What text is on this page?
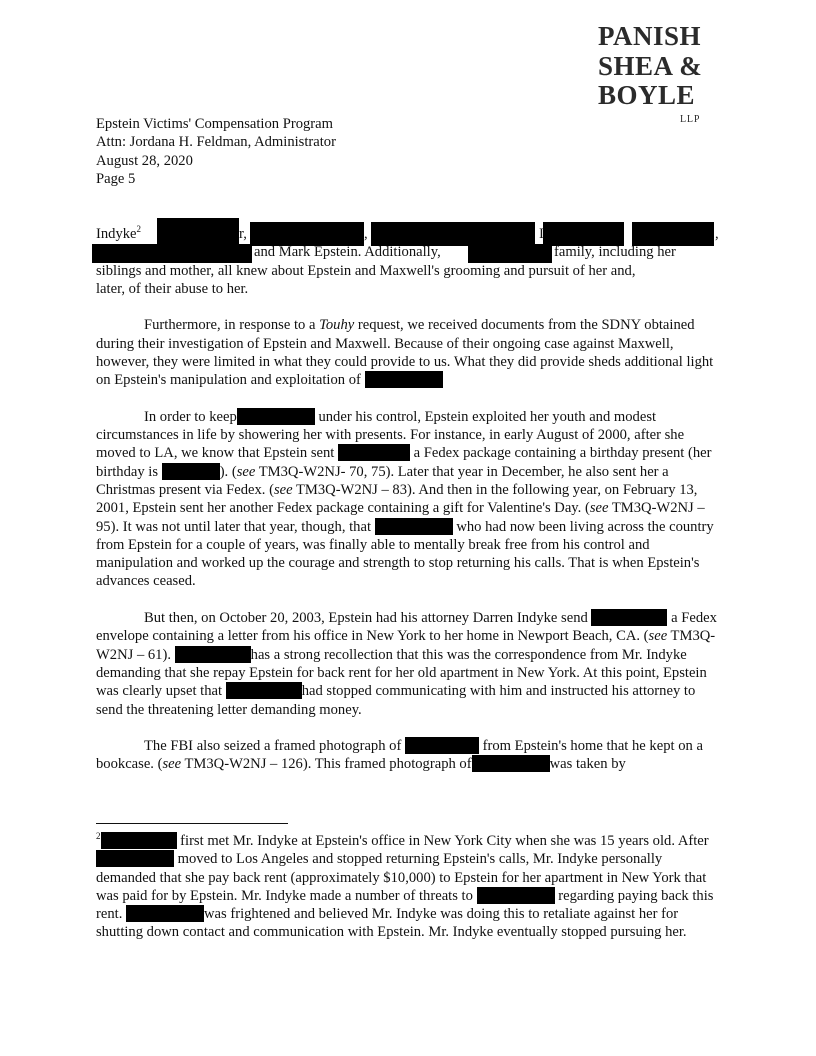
PANISH
SHEA &
BOYLE
LLP
Epstein Victims' Compensation Program
Attn: Jordana H. Feldman, Administrator
August 28, 2020
Page 5

Indyke$^2$	r,	,	I	,
and Mark Epstein. Additionally,	family, including her
siblings and mother, all knew about Epstein and Maxwell's grooming and pursuit of her and,
later, of their abuse to her.

Furthermore, in response to a Touhy request, we received documents from the SDNY obtained during their investigation of Epstein and Maxwell. Because of their ongoing case against Maxwell, however, they were limited in what they could provide to us. What they did provide sheds additional light on Epstein's manipulation and exploitation of

In order to keep	under his control, Epstein exploited her youth and modest circumstances in life by showering her with presents. For instance, in early August of 2000, after she moved to LA, we know that Epstein sent	a Fedex package containing a birthday present (her birthday is	). (see TM3Q-W2NJ- 70, 75). Later that year in December, he also sent her a Christmas present via Fedex. (see TM3Q-W2NJ – 83). And then in the following year, on February 13, 2001, Epstein sent her another Fedex package containing a gift for Valentine's Day. (see TM3Q-W2NJ – 95). It was not until later that year, though, that	who had now been living across the country from Epstein for a couple of years, was finally able to mentally break free from his control and manipulation and worked up the courage and strength to stop returning his calls. That is when Epstein's advances ceased.

But then, on October 20, 2003, Epstein had his attorney Darren Indyke send	a Fedex envelope containing a letter from his office in New York to her home in Newport Beach, CA. (see TM3Q-W2NJ – 61).	has a strong recollection that this was the correspondence from Mr. Indyke demanding that she repay Epstein for back rent for her old apartment in New York. At this point, Epstein was clearly upset that	had stopped communicating with him and instructed his attorney to send the threatening letter demanding money.

The FBI also seized a framed photograph of	from Epstein's home that he kept on a bookcase. (see TM3Q-W2NJ – 126). This framed photograph of	was taken by

$^2$	first met Mr. Indyke at Epstein's office in New York City when she was 15 years old. After  moved to Los Angeles and stopped returning Epstein's calls, Mr. Indyke personally demanded that she pay back rent (approximately $10,000) to Epstein for her apartment in New York that was paid for by Epstein. Mr. Indyke made a number of threats to	regarding paying back this rent.	was frightened and believed Mr. Indyke was doing this to retaliate against her for shutting down contact and communication with Epstein. Mr. Indyke eventually stopped pursuing her.
